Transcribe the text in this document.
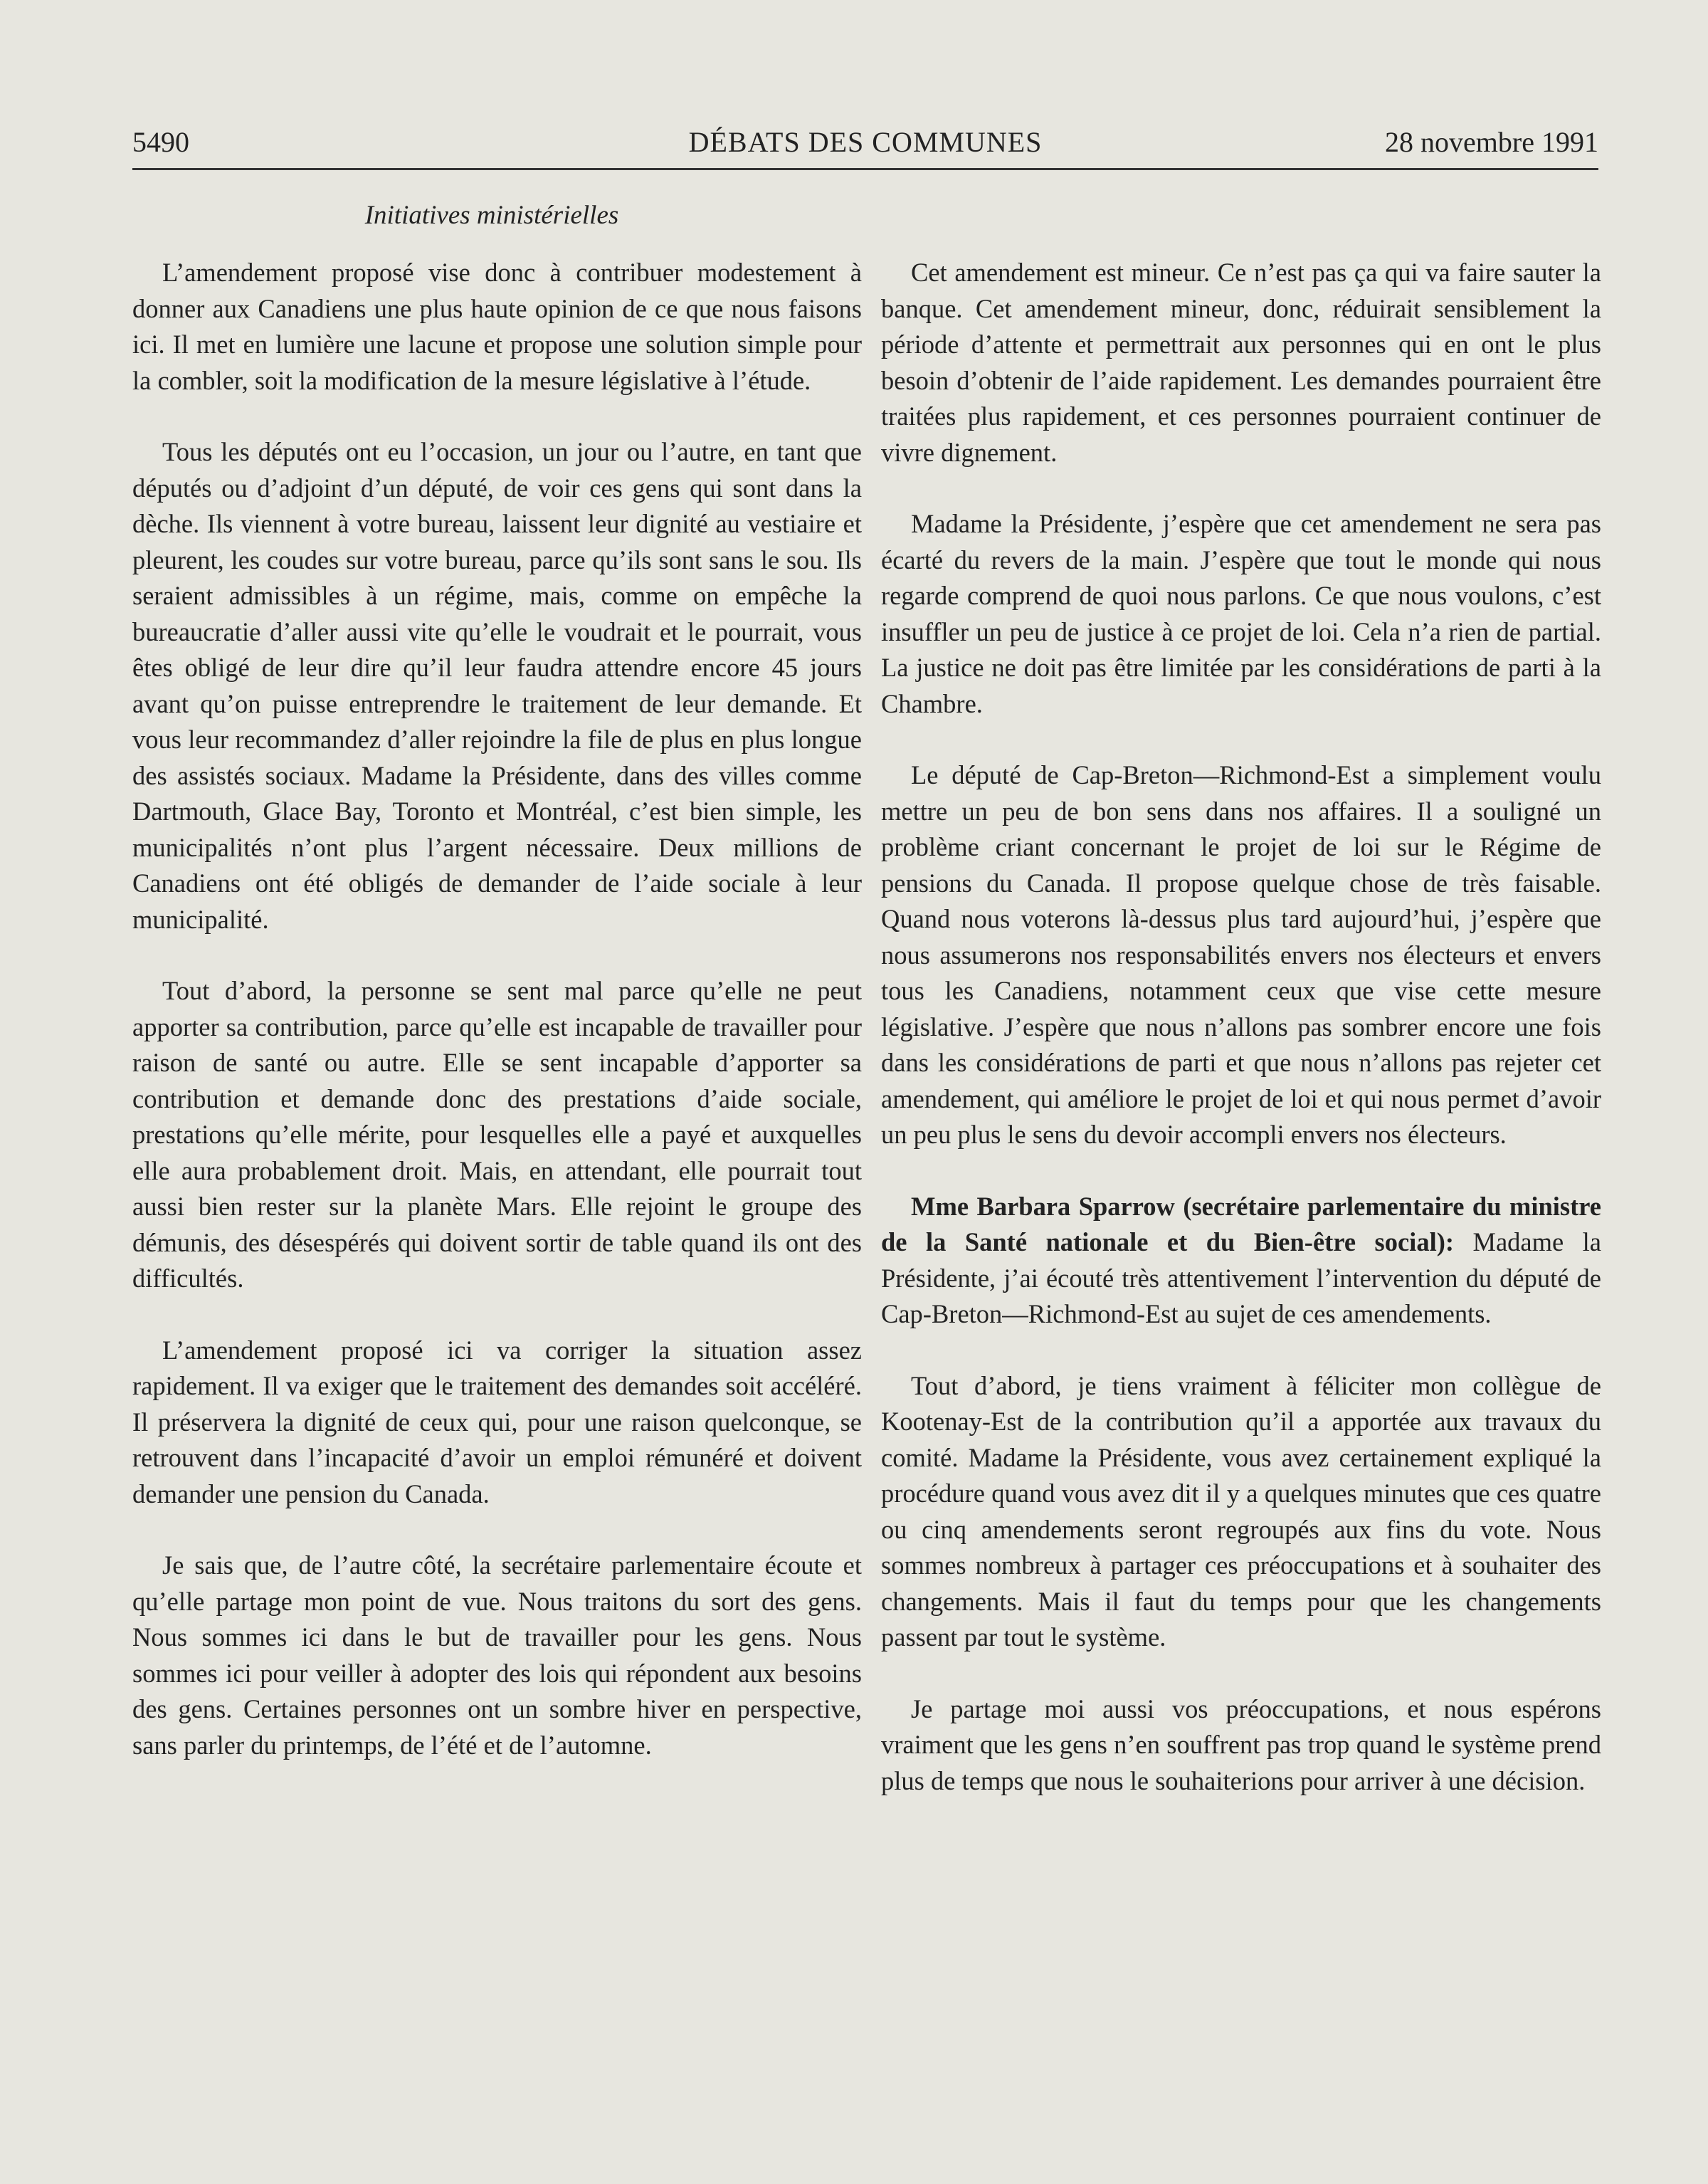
5490	DÉBATS DES COMMUNES	28 novembre 1991
Initiatives ministérielles

L’amendement proposé vise donc à contribuer modestement à donner aux Canadiens une plus haute opinion de ce que nous faisons ici. Il met en lumière une lacune et propose une solution simple pour la combler, soit la modification de la mesure législative à l’étude.

Tous les députés ont eu l’occasion, un jour ou l’autre, en tant que députés ou d’adjoint d’un député, de voir ces gens qui sont dans la dèche. Ils viennent à votre bureau, laissent leur dignité au vestiaire et pleurent, les coudes sur votre bureau, parce qu’ils sont sans le sou. Ils seraient admissibles à un régime, mais, comme on empêche la bureaucratie d’aller aussi vite qu’elle le voudrait et le pourrait, vous êtes obligé de leur dire qu’il leur faudra attendre encore 45 jours avant qu’on puisse entreprendre le traitement de leur demande. Et vous leur recommandez d’aller rejoindre la file de plus en plus longue des assistés sociaux. Madame la Présidente, dans des villes comme Dartmouth, Glace Bay, Toronto et Montréal, c’est bien simple, les municipalités n’ont plus l’argent nécessaire. Deux millions de Canadiens ont été obligés de demander de l’aide sociale à leur municipalité.

Tout d’abord, la personne se sent mal parce qu’elle ne peut apporter sa contribution, parce qu’elle est incapable de travailler pour raison de santé ou autre. Elle se sent incapable d’apporter sa contribution et demande donc des prestations d’aide sociale, prestations qu’elle mérite, pour lesquelles elle a payé et auxquelles elle aura probablement droit. Mais, en attendant, elle pourrait tout aussi bien rester sur la planète Mars. Elle rejoint le groupe des démunis, des désespérés qui doivent sortir de table quand ils ont des difficultés.

L’amendement proposé ici va corriger la situation assez rapidement. Il va exiger que le traitement des demandes soit accéléré. Il préservera la dignité de ceux qui, pour une raison quelconque, se retrouvent dans l’incapacité d’avoir un emploi rémunéré et doivent demander une pension du Canada.

Je sais que, de l’autre côté, la secrétaire parlementaire écoute et qu’elle partage mon point de vue. Nous traitons du sort des gens. Nous sommes ici dans le but de travailler pour les gens. Nous sommes ici pour veiller à adopter des lois qui répondent aux besoins des gens. Certaines personnes ont un sombre hiver en perspective, sans parler du printemps, de l’été et de l’automne.

Cet amendement est mineur. Ce n’est pas ça qui va faire sauter la banque. Cet amendement mineur, donc, réduirait sensiblement la période d’attente et permettrait aux personnes qui en ont le plus besoin d’obtenir de l’aide rapidement. Les demandes pourraient être traitées plus rapidement, et ces personnes pourraient continuer de vivre dignement.

Madame la Présidente, j’espère que cet amendement ne sera pas écarté du revers de la main. J’espère que tout le monde qui nous regarde comprend de quoi nous parlons. Ce que nous voulons, c’est insuffler un peu de justice à ce projet de loi. Cela n’a rien de partial. La justice ne doit pas être limitée par les considérations de parti à la Chambre.

Le député de Cap-Breton—Richmond-Est a simplement voulu mettre un peu de bon sens dans nos affaires. Il a souligné un problème criant concernant le projet de loi sur le Régime de pensions du Canada. Il propose quelque chose de très faisable. Quand nous voterons là-dessus plus tard aujourd’hui, j’espère que nous assumerons nos responsabilités envers nos électeurs et envers tous les Canadiens, notamment ceux que vise cette mesure législative. J’espère que nous n’allons pas sombrer encore une fois dans les considérations de parti et que nous n’allons pas rejeter cet amendement, qui améliore le projet de loi et qui nous permet d’avoir un peu plus le sens du devoir accompli envers nos électeurs.

Mme Barbara Sparrow (secrétaire parlementaire du ministre de la Santé nationale et du Bien-être social): Madame la Présidente, j’ai écouté très attentivement l’intervention du député de Cap-Breton—Richmond-Est au sujet de ces amendements.

Tout d’abord, je tiens vraiment à féliciter mon collègue de Kootenay-Est de la contribution qu’il a apportée aux travaux du comité. Madame la Présidente, vous avez certainement expliqué la procédure quand vous avez dit il y a quelques minutes que ces quatre ou cinq amendements seront regroupés aux fins du vote. Nous sommes nombreux à partager ces préoccupations et à souhaiter des changements. Mais il faut du temps pour que les changements passent par tout le système.

Je partage moi aussi vos préoccupations, et nous espérons vraiment que les gens n’en souffrent pas trop quand le système prend plus de temps que nous le souhaiterions pour arriver à une décision.
